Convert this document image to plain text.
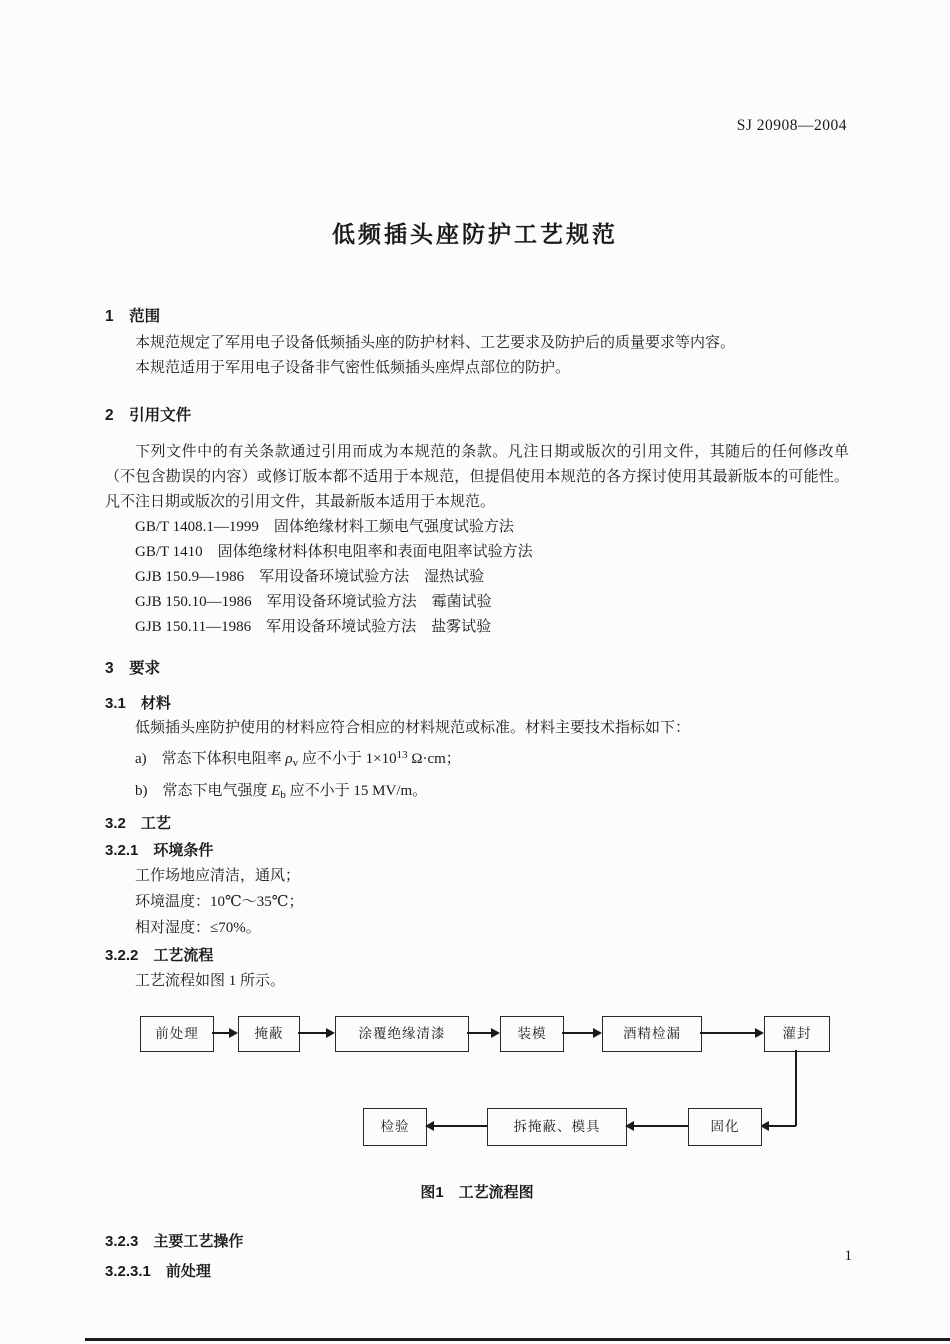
SJ 20908—2004
低频插头座防护工艺规范
1　范围

本规范规定了军用电子设备低频插头座的防护材料、工艺要求及防护后的质量要求等内容。

本规范适用于军用电子设备非气密性低频插头座焊点部位的防护。

2　引用文件

下列文件中的有关条款通过引用而成为本规范的条款。凡注日期或版次的引用文件，其随后的任何修改单（不包含勘误的内容）或修订版本都不适用于本规范，但提倡使用本规范的各方探讨使用其最新版本的可能性。凡不注日期或版次的引用文件，其最新版本适用于本规范。

GB/T 1408.1—1999　固体绝缘材料工频电气强度试验方法
GB/T 1410　固体绝缘材料体积电阻率和表面电阻率试验方法
GJB 150.9—1986　军用设备环境试验方法　湿热试验
GJB 150.10—1986　军用设备环境试验方法　霉菌试验
GJB 150.11—1986　军用设备环境试验方法　盐雾试验
3　要求
3.1　材料

低频插头座防护使用的材料应符合相应的材料规范或标准。材料主要技术指标如下：

a)　常态下体积电阻率 $\rho_v$ 应不小于 $1\times 10^{13}$ Ω·cm；
b)　常态下电气强度 $E_b$ 应不小于 15 MV/m。
3.2　工艺
3.2.1　环境条件

工作场地应清洁，通风；

环境温度：10℃～35℃；

相对湿度：≤70%。

3.2.2　工艺流程

工艺流程如图 1 所示。

前处理	掩蔽	涂覆绝缘清漆	装模	酒精检漏	灌封
固化
拆掩蔽、模具
检验
图1　工艺流程图
3.2.3　主要工艺操作
3.2.3.1　前处理
1
